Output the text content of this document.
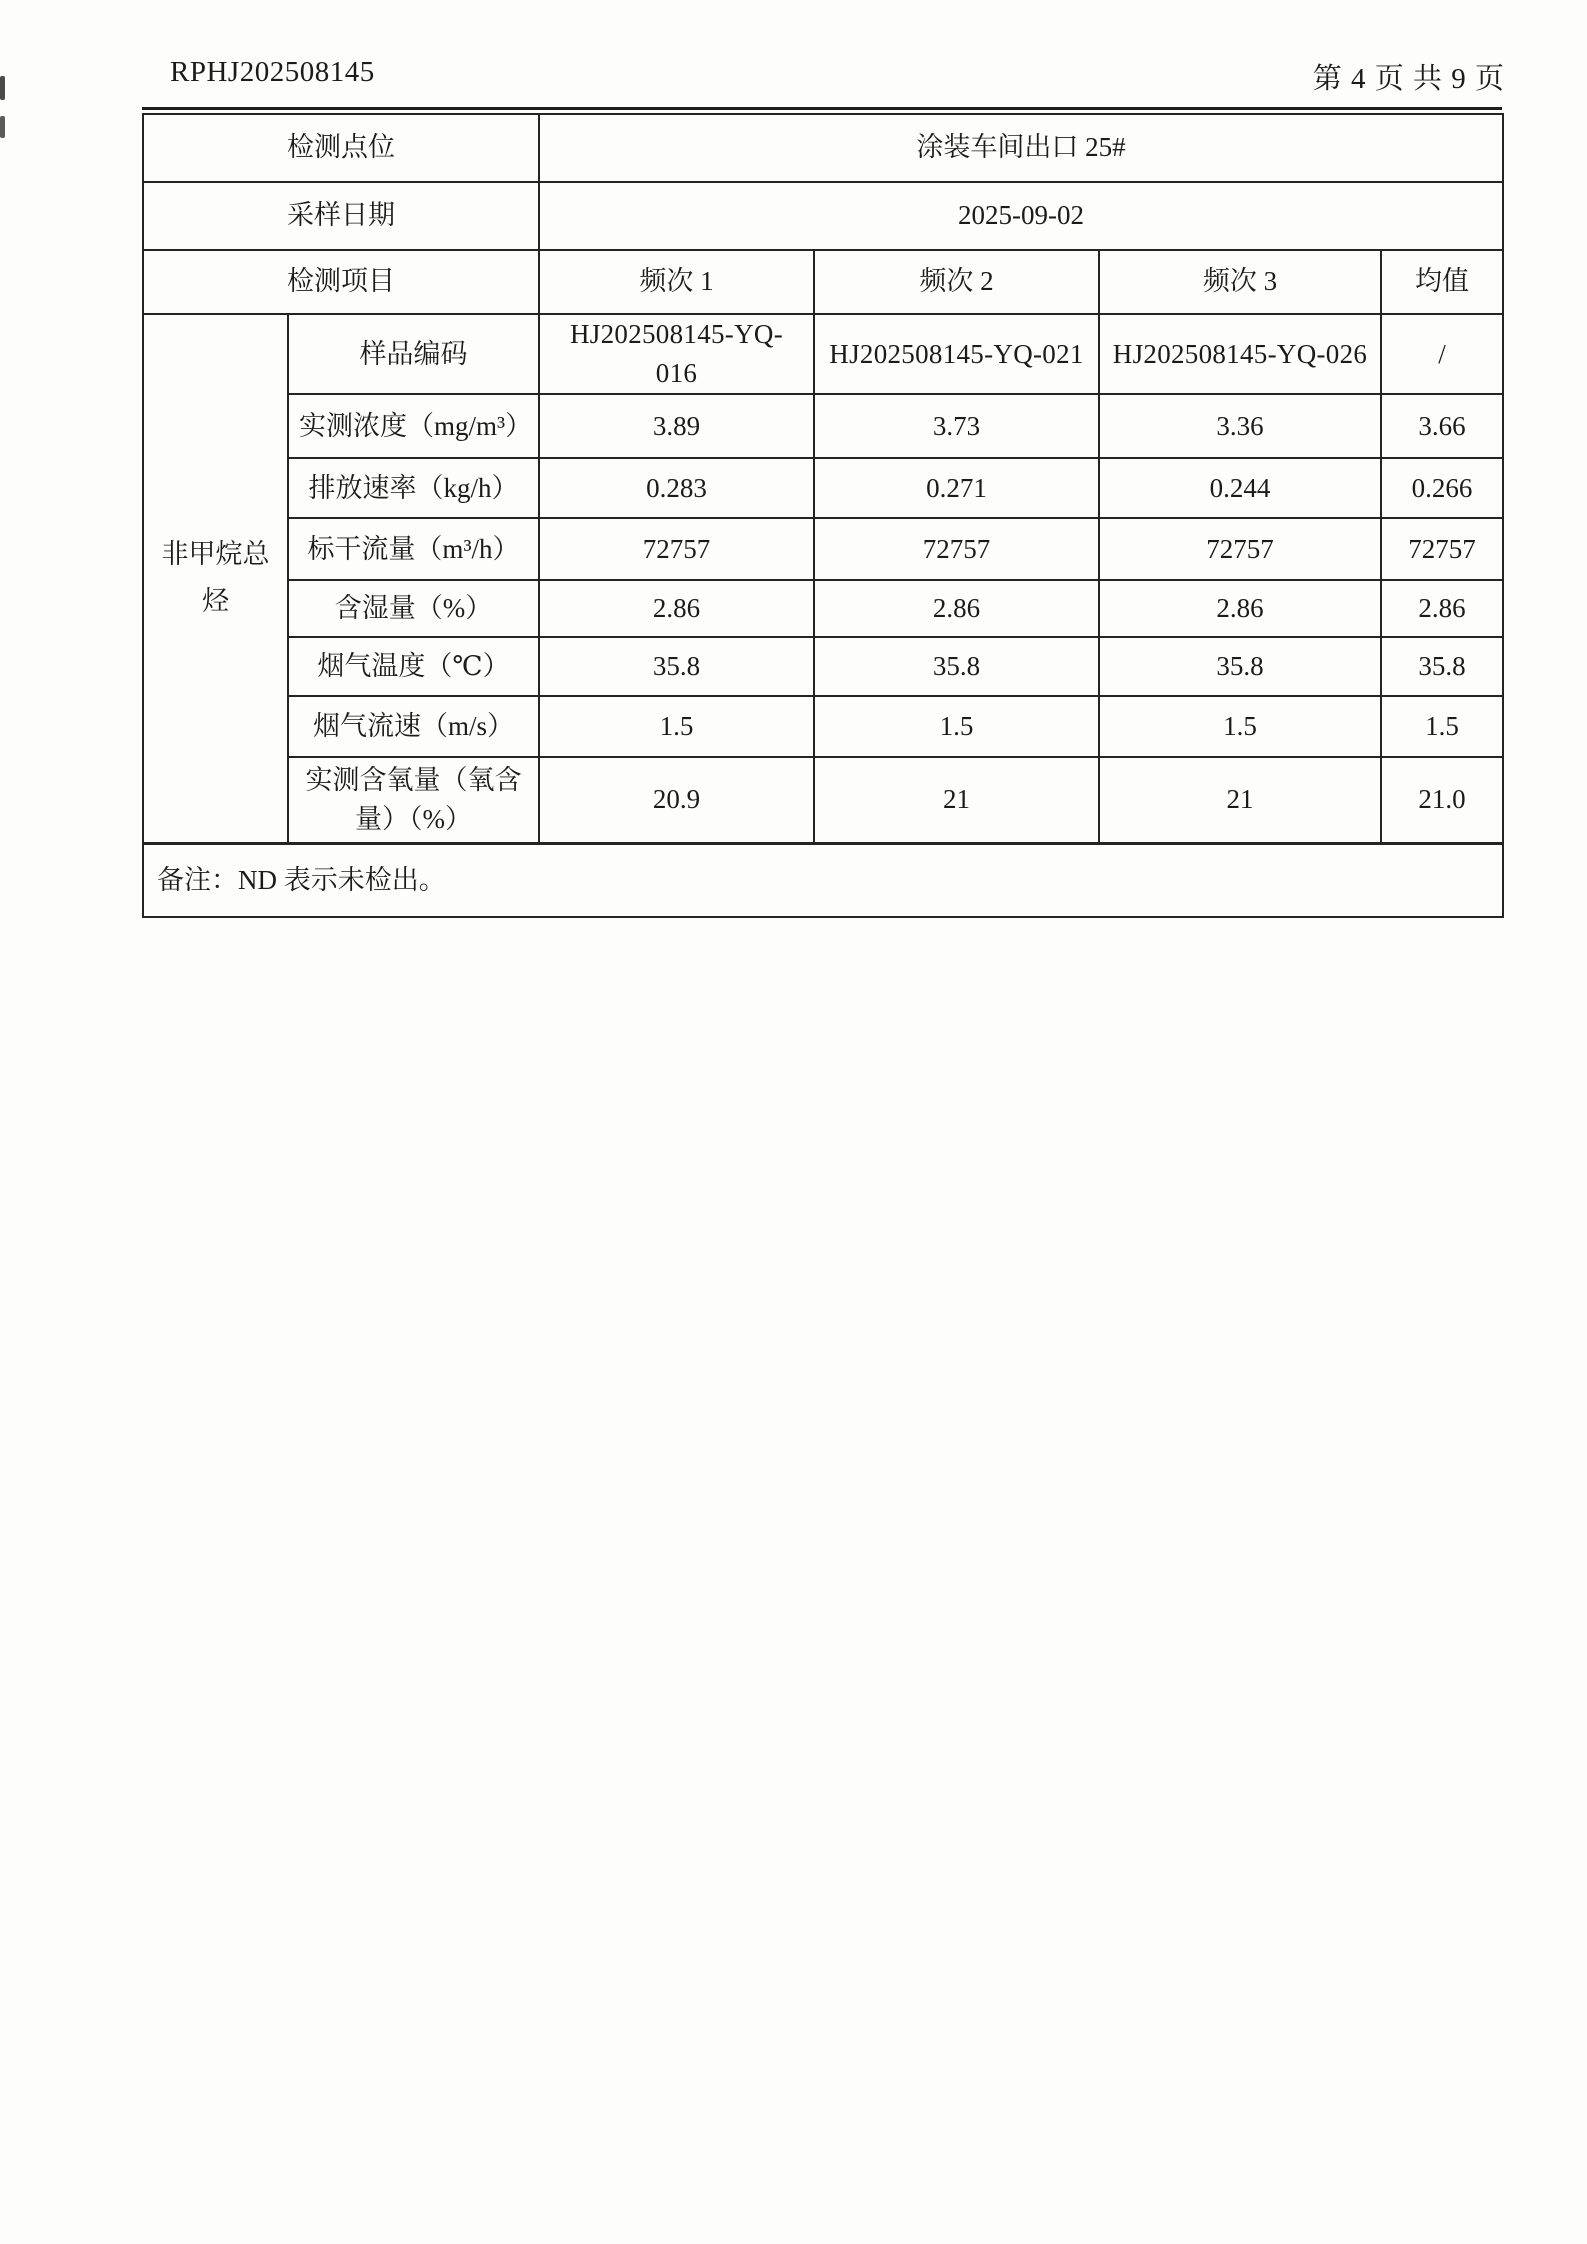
RPHJ202508145	第 4 页 共 9 页
检测点位		涂装车间出口 25#			
采样日期		2025-09-02			
检测项目		频次 1	频次 2	频次 3	均值
非甲烷总烃	样品编码	HJ202508145-YQ-016	HJ202508145-YQ-021	HJ202508145-YQ-026	/
	实测浓度（mg/m³）	3.89	3.73	3.36	3.66
	排放速率（kg/h）	0.283	0.271	0.244	0.266
	标干流量（m³/h）	72757	72757	72757	72757
	含湿量（%）	2.86	2.86	2.86	2.86
	烟气温度（℃）	35.8	35.8	35.8	35.8
	烟气流速（m/s）	1.5	1.5	1.5	1.5
	实测含氧量（氧含量）（%）	20.9	21	21	21.0
备注：ND 表示未检出。					
